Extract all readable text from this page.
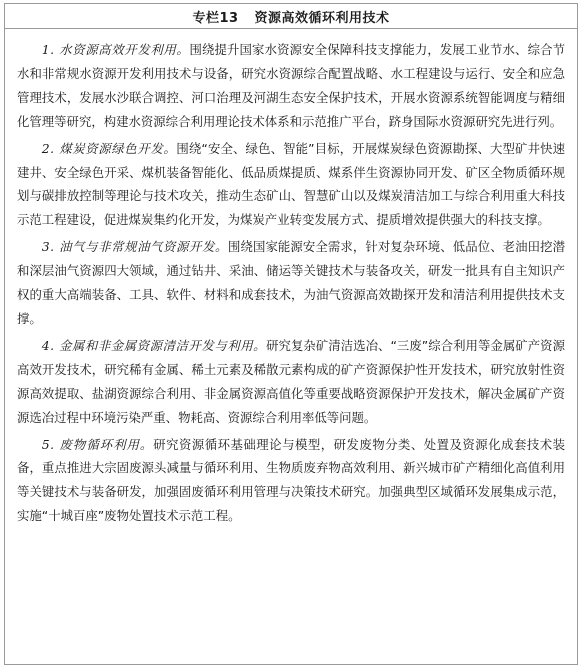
专栏13 资源高效循环利用技术

1. 水资源高效开发利用。围绕提升国家水资源安全保障科技支撑能力，发展工业节水、综合节水和非常规水资源开发利用技术与设备，研究水资源综合配置战略、水工程建设与运行、安全和应急管理技术，发展水沙联合调控、河口治理及河湖生态安全保护技术，开展水资源系统智能调度与精细化管理等研究，构建水资源综合利用理论技术体系和示范推广平台，跻身国际水资源研究先进行列。

2. 煤炭资源绿色开发。围绕“安全、绿色、智能”目标，开展煤炭绿色资源勘探、大型矿井快速建井、安全绿色开采、煤机装备智能化、低品质煤提质、煤系伴生资源协同开发、矿区全物质循环规划与碳排放控制等理论与技术攻关，推动生态矿山、智慧矿山以及煤炭清洁加工与综合利用重大科技示范工程建设，促进煤炭集约化开发，为煤炭产业转变发展方式、提质增效提供强大的科技支撑。

3. 油气与非常规油气资源开发。围绕国家能源安全需求，针对复杂环境、低品位、老油田挖潜和深层油气资源四大领域，通过钻井、采油、储运等关键技术与装备攻关，研发一批具有自主知识产权的重大高端装备、工具、软件、材料和成套技术，为油气资源高效勘探开发和清洁利用提供技术支撑。

4. 金属和非金属资源清洁开发与利用。研究复杂矿清洁选冶、“三废”综合利用等金属矿产资源高效开发技术，研究稀有金属、稀土元素及稀散元素构成的矿产资源保护性开发技术，研究放射性资源高效提取、盐湖资源综合利用、非金属资源高值化等重要战略资源保护开发技术，解决金属矿产资源选冶过程中环境污染严重、物耗高、资源综合利用率低等问题。

5. 废物循环利用。研究资源循环基础理论与模型，研发废物分类、处置及资源化成套技术装备，重点推进大宗固废源头减量与循环利用、生物质废弃物高效利用、新兴城市矿产精细化高值利用等关键技术与装备研发，加强固废循环利用管理与决策技术研究。加强典型区域循环发展集成示范，实施“十城百座”废物处置技术示范工程。
